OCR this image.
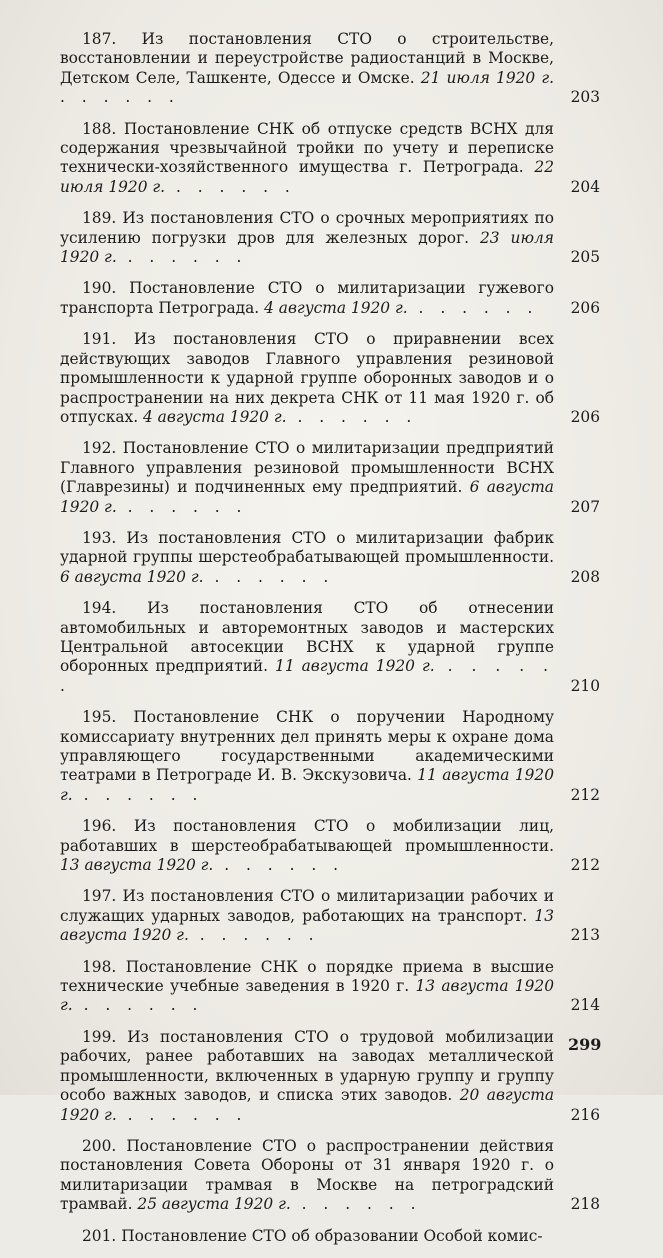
187. Из постановления СТО о строительстве, восстановлении и переустройстве радиостанций в Москве, Детском Селе, Ташкенте, Одессе и Омске. 21 июля 1920 г. . . . . . .	203
188. Постановление СНК об отпуске средств ВСНХ для содержания чрезвычайной тройки по учету и переписке технически-хозяйственного имущества г. Петрограда. 22 июля 1920 г. . . . . . .	204
189. Из постановления СТО о срочных мероприятиях по усилению погрузки дров для железных дорог. 23 июля 1920 г. . . . . . .	205
190. Постановление СТО о милитаризации гужевого транспорта Петрограда. 4 августа 1920 г. . . . . . .	206
191. Из постановления СТО о приравнении всех действующих заводов Главного управления резиновой промышленности к ударной группе оборонных заводов и о распространении на них декрета СНК от 11 мая 1920 г. об отпусках. 4 августа 1920 г. . . . . . .	206
192. Постановление СТО о милитаризации предприятий Главного управления резиновой промышленности ВСНХ (Главрезины) и подчиненных ему предприятий. 6 августа 1920 г. . . . . . .	207
193. Из постановления СТО о милитаризации фабрик ударной группы шерстеобрабатывающей промышленности. 6 августа 1920 г. . . . . . .	208
194. Из постановления СТО об отнесении автомобильных и авторемонтных заводов и мастерских Центральной автосекции ВСНХ к ударной группе оборонных предприятий. 11 августа 1920 г. . . . . . .	210
195. Постановление СНК о поручении Народному комиссариату внутренних дел принять меры к охране дома управляющего государственными академическими театрами в Петрограде И. В. Экскузовича. 11 августа 1920 г. . . . . . .	212
196. Из постановления СТО о мобилизации лиц, работавших в шерстеобрабатывающей промышленности. 13 августа 1920 г. . . . . . .	212
197. Из постановления СТО о милитаризации рабочих и служащих ударных заводов, работающих на транспорт. 13 августа 1920 г. . . . . . .	213
198. Постановление СНК о порядке приема в высшие технические учебные заведения в 1920 г. 13 августа 1920 г. . . . . . .	214
199. Из постановления СТО о трудовой мобилизации рабочих, ранее работавших на заводах металлической промышленности, включенных в ударную группу и группу особо важных заводов, и списка этих заводов. 20 августа 1920 г. . . . . . .	216
200. Постановление СТО о распространении действия постановления Совета Обороны от 31 января 1920 г. о милитаризации трамвая в Москве на петроградский трамвай. 25 августа 1920 г. . . . . . .	218
201. Постановление СТО об образовании Особой комис-
299
